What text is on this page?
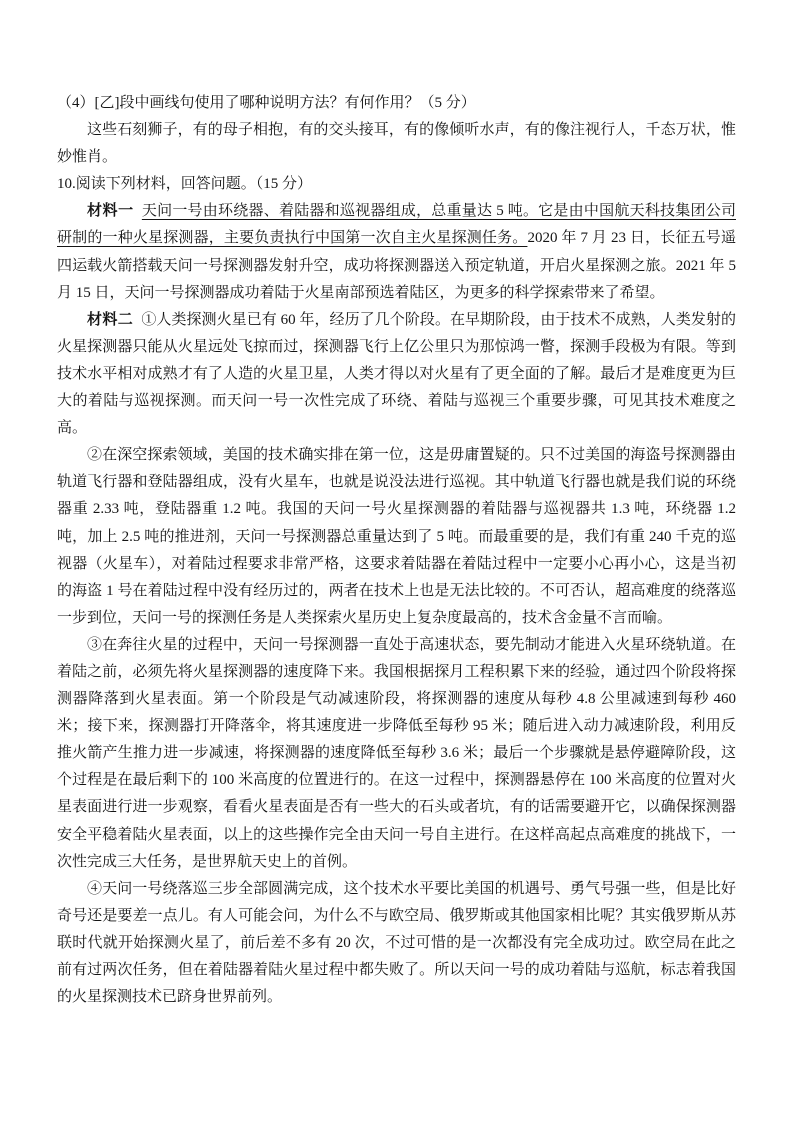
（4）[乙]段中画线句使用了哪种说明方法？有何作用？（5 分）

这些石刻狮子，有的母子相抱，有的交头接耳，有的像倾听水声，有的像注视行人，千态万状，惟妙惟肖。

10.阅读下列材料，回答问题。（15 分）

材料一 天问一号由环绕器、着陆器和巡视器组成，总重量达 5 吨。它是由中国航天科技集团公司研制的一种火星探测器，主要负责执行中国第一次自主火星探测任务。2020 年 7 月 23 日，长征五号遥四运载火箭搭载天问一号探测器发射升空，成功将探测器送入预定轨道，开启火星探测之旅。2021 年 5 月 15 日，天问一号探测器成功着陆于火星南部预选着陆区，为更多的科学探索带来了希望。

材料二 ①人类探测火星已有 60 年，经历了几个阶段。在早期阶段，由于技术不成熟，人类发射的火星探测器只能从火星远处飞掠而过，探测器飞行上亿公里只为那惊鸿一瞥，探测手段极为有限。等到技术水平相对成熟才有了人造的火星卫星，人类才得以对火星有了更全面的了解。最后才是难度更为巨大的着陆与巡视探测。而天问一号一次性完成了环绕、着陆与巡视三个重要步骤，可见其技术难度之高。

②在深空探索领域，美国的技术确实排在第一位，这是毋庸置疑的。只不过美国的海盗号探测器由轨道飞行器和登陆器组成，没有火星车，也就是说没法进行巡视。其中轨道飞行器也就是我们说的环绕器重 2.33 吨，登陆器重 1.2 吨。我国的天问一号火星探测器的着陆器与巡视器共 1.3 吨，环绕器 1.2 吨，加上 2.5 吨的推进剂，天问一号探测器总重量达到了 5 吨。而最重要的是，我们有重 240 千克的巡视器（火星车），对着陆过程要求非常严格，这要求着陆器在着陆过程中一定要小心再小心，这是当初的海盗 1 号在着陆过程中没有经历过的，两者在技术上也是无法比较的。不可否认，超高难度的绕落巡一步到位，天问一号的探测任务是人类探索火星历史上复杂度最高的，技术含金量不言而喻。

③在奔往火星的过程中，天问一号探测器一直处于高速状态，要先制动才能进入火星环绕轨道。在着陆之前，必须先将火星探测器的速度降下来。我国根据探月工程积累下来的经验，通过四个阶段将探测器降落到火星表面。第一个阶段是气动减速阶段，将探测器的速度从每秒 4.8 公里减速到每秒 460 米；接下来，探测器打开降落伞，将其速度进一步降低至每秒 95 米；随后进入动力减速阶段，利用反推火箭产生推力进一步减速，将探测器的速度降低至每秒 3.6 米；最后一个步骤就是悬停避障阶段，这个过程是在最后剩下的 100 米高度的位置进行的。在这一过程中，探测器悬停在 100 米高度的位置对火星表面进行进一步观察，看看火星表面是否有一些大的石头或者坑，有的话需要避开它，以确保探测器安全平稳着陆火星表面，以上的这些操作完全由天问一号自主进行。在这样高起点高难度的挑战下，一次性完成三大任务，是世界航天史上的首例。

④天问一号绕落巡三步全部圆满完成，这个技术水平要比美国的机遇号、勇气号强一些，但是比好奇号还是要差一点儿。有人可能会问，为什么不与欧空局、俄罗斯或其他国家相比呢？其实俄罗斯从苏联时代就开始探测火星了，前后差不多有 20 次，不过可惜的是一次都没有完全成功过。欧空局在此之前有过两次任务，但在着陆器着陆火星过程中都失败了。所以天问一号的成功着陆与巡航，标志着我国的火星探测技术已跻身世界前列。
